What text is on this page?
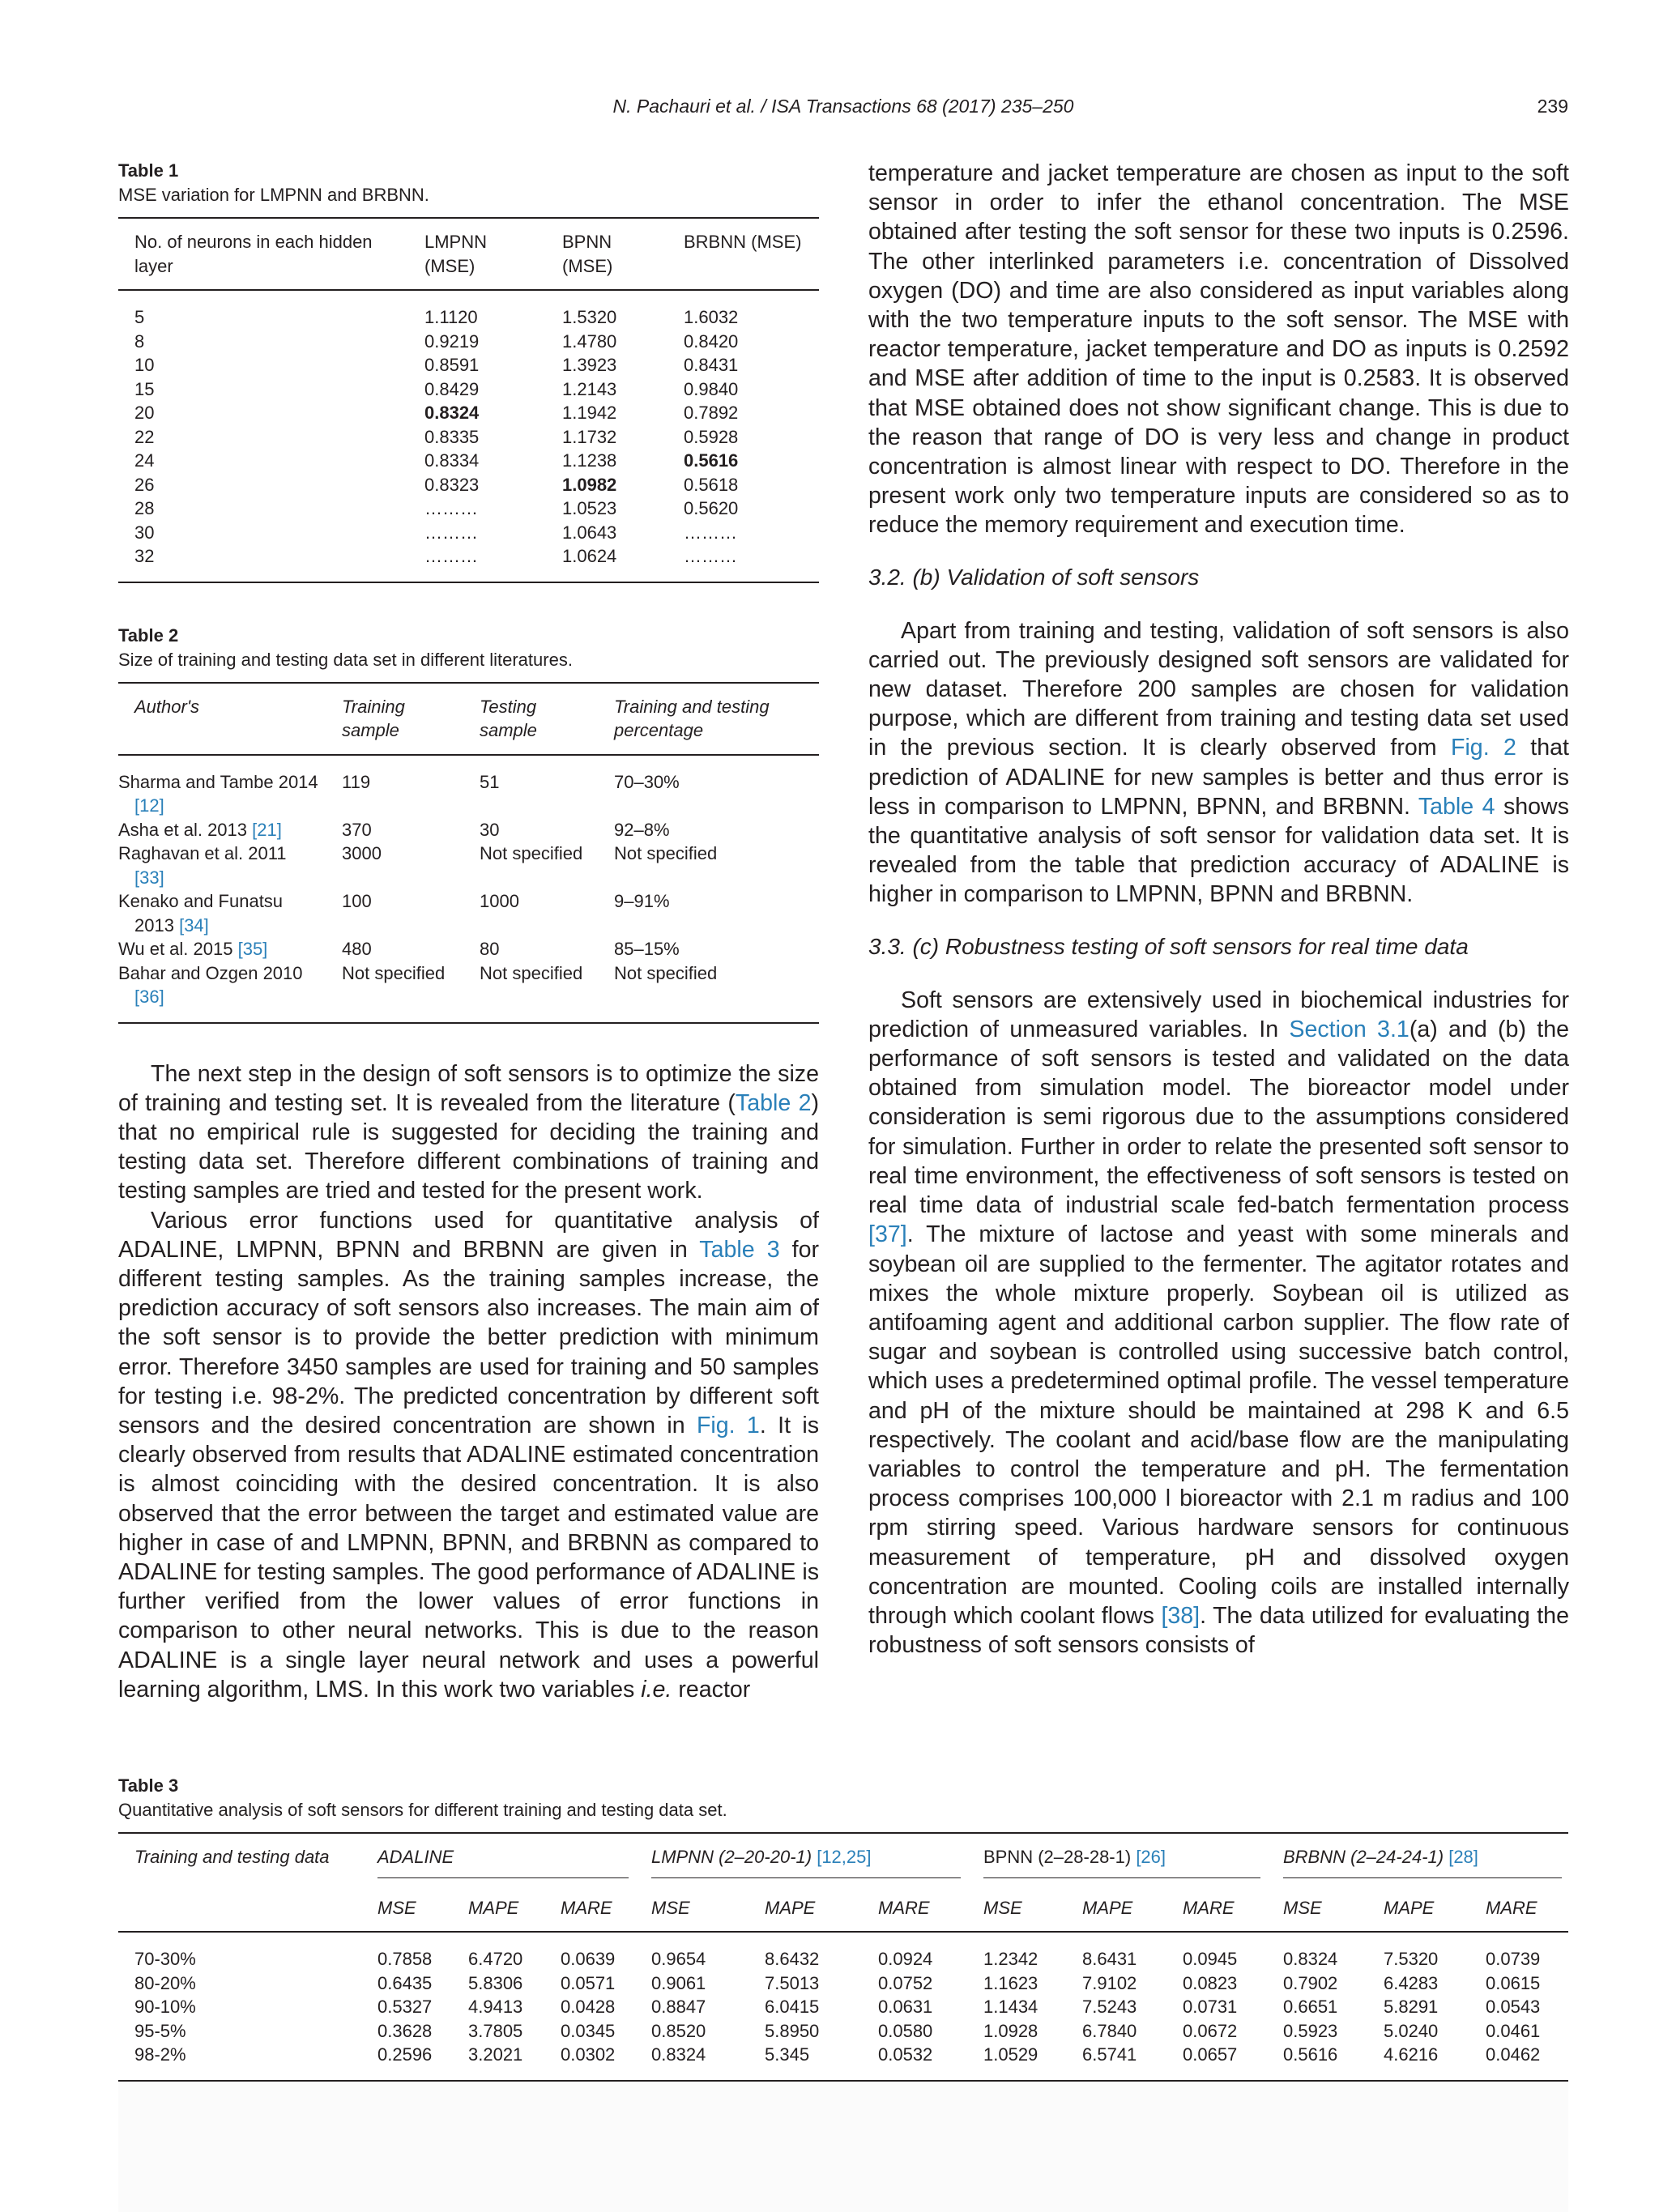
N. Pachauri et al. / ISA Transactions 68 (2017) 235–250	239
Table 1
MSE variation for LMPNN and BRBNN.
No. of neurons in each hidden layer	LMPNN (MSE)	BPNN (MSE)	BRBNN (MSE)
5	1.1120	1.5320	1.6032
8	0.9219	1.4780	0.8420
10	0.8591	1.3923	0.8431
15	0.8429	1.2143	0.9840
20	0.8324	1.1942	0.7892
22	0.8335	1.1732	0.5928
24	0.8334	1.1238	0.5616
26	0.8323	1.0982	0.5618
28	………	1.0523	0.5620
30	………	1.0643	………
32	………	1.0624	………
Table 2
Size of training and testing data set in different literatures.
Author's	Training sample	Testing sample	Training and testing percentage
Sharma and Tambe 2014 [12]	119	51	70–30%
Asha et al. 2013 [21]	370	30	92–8%
Raghavan et al. 2011 [33]	3000	Not specified	Not specified
Kenako and Funatsu 2013 [34]	100	1000	9–91%
Wu et al. 2015 [35]	480	80	85–15%
Bahar and Ozgen 2010 [36]	Not specified	Not specified	Not specified

The next step in the design of soft sensors is to optimize the size of training and testing set. It is revealed from the literature (Table 2) that no empirical rule is suggested for deciding the training and testing data set. Therefore different combinations of training and testing samples are tried and tested for the present work.

Various error functions used for quantitative analysis of ADALINE, LMPNN, BPNN and BRBNN are given in Table 3 for different testing samples. As the training samples increase, the prediction accuracy of soft sensors also increases. The main aim of the soft sensor is to provide the better prediction with minimum error. Therefore 3450 samples are used for training and 50 samples for testing i.e. 98-2%. The predicted concentration by different soft sensors and the desired concentration are shown in Fig. 1. It is clearly observed from results that ADALINE estimated concentration is almost coinciding with the desired concentration. It is also observed that the error between the target and estimated value are higher in case of and LMPNN, BPNN, and BRBNN as compared to ADALINE for testing samples. The good performance of ADALINE is further verified from the lower values of error functions in comparison to other neural networks. This is due to the reason ADALINE is a single layer neural network and uses a powerful learning algorithm, LMS. In this work two variables i.e. reactor

temperature and jacket temperature are chosen as input to the soft sensor in order to infer the ethanol concentration. The MSE obtained after testing the soft sensor for these two inputs is 0.2596. The other interlinked parameters i.e. concentration of Dissolved oxygen (DO) and time are also considered as input variables along with the two temperature inputs to the soft sensor. The MSE with reactor temperature, jacket temperature and DO as inputs is 0.2592 and MSE after addition of time to the input is 0.2583. It is observed that MSE obtained does not show significant change. This is due to the reason that range of DO is very less and change in product concentration is almost linear with respect to DO. Therefore in the present work only two temperature inputs are considered so as to reduce the memory requirement and execution time.

3.2. (b) Validation of soft sensors

Apart from training and testing, validation of soft sensors is also carried out. The previously designed soft sensors are validated for new dataset. Therefore 200 samples are chosen for validation purpose, which are different from training and testing data set used in the previous section. It is clearly observed from Fig. 2 that prediction of ADALINE for new samples is better and thus error is less in comparison to LMPNN, BPNN, and BRBNN. Table 4 shows the quantitative analysis of soft sensor for validation data set. It is revealed from the table that prediction accuracy of ADALINE is higher in comparison to LMPNN, BPNN and BRBNN.

3.3. (c) Robustness testing of soft sensors for real time data

Soft sensors are extensively used in biochemical industries for prediction of unmeasured variables. In Section 3.1(a) and (b) the performance of soft sensors is tested and validated on the data obtained from simulation model. The bioreactor model under consideration is semi rigorous due to the assumptions considered for simulation. Further in order to relate the presented soft sensor to real time environment, the effectiveness of soft sensors is tested on real time data of industrial scale fed-batch fermentation process [37]. The mixture of lactose and yeast with some minerals and soybean oil are supplied to the fermenter. The agitator rotates and mixes the whole mixture properly. Soybean oil is utilized as antifoaming agent and additional carbon supplier. The flow rate of sugar and soybean is controlled using successive batch control, which uses a predetermined optimal profile. The vessel temperature and pH of the mixture should be maintained at 298 K and 6.5 respectively. The coolant and acid/base flow are the manipulating variables to control the temperature and pH. The fermentation process comprises 100,000 l bioreactor with 2.1 m radius and 100 rpm stirring speed. Various hardware sensors for continuous measurement of temperature, pH and dissolved oxygen concentration are mounted. Cooling coils are installed internally through which coolant flows [38]. The data utilized for evaluating the robustness of soft sensors consists of

Table 3
Quantitative analysis of soft sensors for different training and testing data set.
Training and testing data	ADALINE			LMPNN (2–20-20-1) [12,25]			BPNN (2–28-28-1) [26]			BRBNN (2–24-24-1) [28]		

	MSE	MAPE	MARE	MSE	MAPE	MARE	MSE	MAPE	MARE	MSE	MAPE	MARE
70-30%	0.7858	6.4720	0.0639	0.9654	8.6432	0.0924	1.2342	8.6431	0.0945	0.8324	7.5320	0.0739
80-20%	0.6435	5.8306	0.0571	0.9061	7.5013	0.0752	1.1623	7.9102	0.0823	0.7902	6.4283	0.0615
90-10%	0.5327	4.9413	0.0428	0.8847	6.0415	0.0631	1.1434	7.5243	0.0731	0.6651	5.8291	0.0543
95-5%	0.3628	3.7805	0.0345	0.8520	5.8950	0.0580	1.0928	6.7840	0.0672	0.5923	5.0240	0.0461
98-2%	0.2596	3.2021	0.0302	0.8324	5.345	0.0532	1.0529	6.5741	0.0657	0.5616	4.6216	0.0462
